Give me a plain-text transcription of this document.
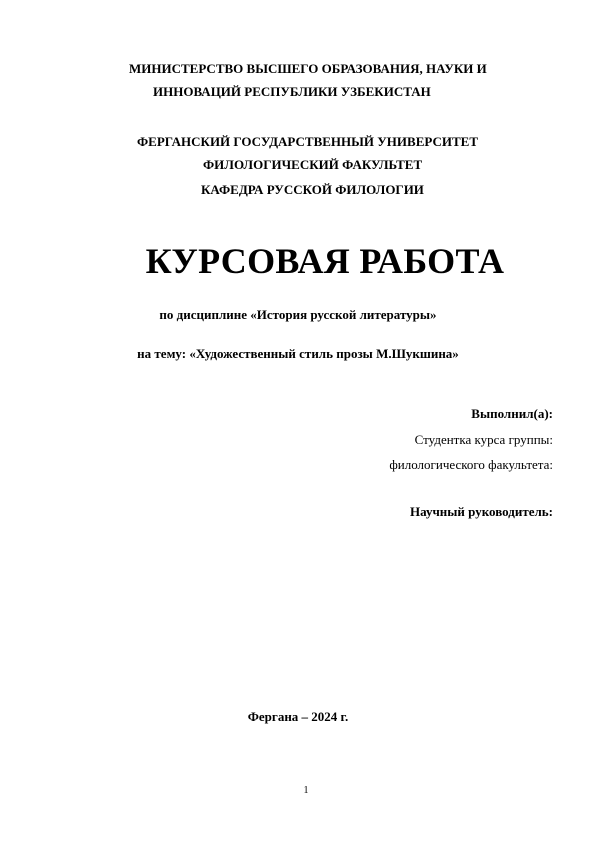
МИНИСТЕРСТВО ВЫСШЕГО ОБРАЗОВАНИЯ, НАУКИ И
ИННОВАЦИЙ РЕСПУБЛИКИ УЗБЕКИСТАН
ФЕРГАНСКИЙ ГОСУДАРСТВЕННЫЙ УНИВЕРСИТЕТ
ФИЛОЛОГИЧЕСКИЙ ФАКУЛЬТЕТ
КАФЕДРА РУССКОЙ ФИЛОЛОГИИ
КУРСОВАЯ РАБОТА
по дисциплине «История русской литературы»
на тему: «Художественный стиль прозы М.Шукшина»
Выполнил(а):
Студентка курса группы:
филологического факультета:
Научный руководитель:
Фергана – 2024 г.
1
